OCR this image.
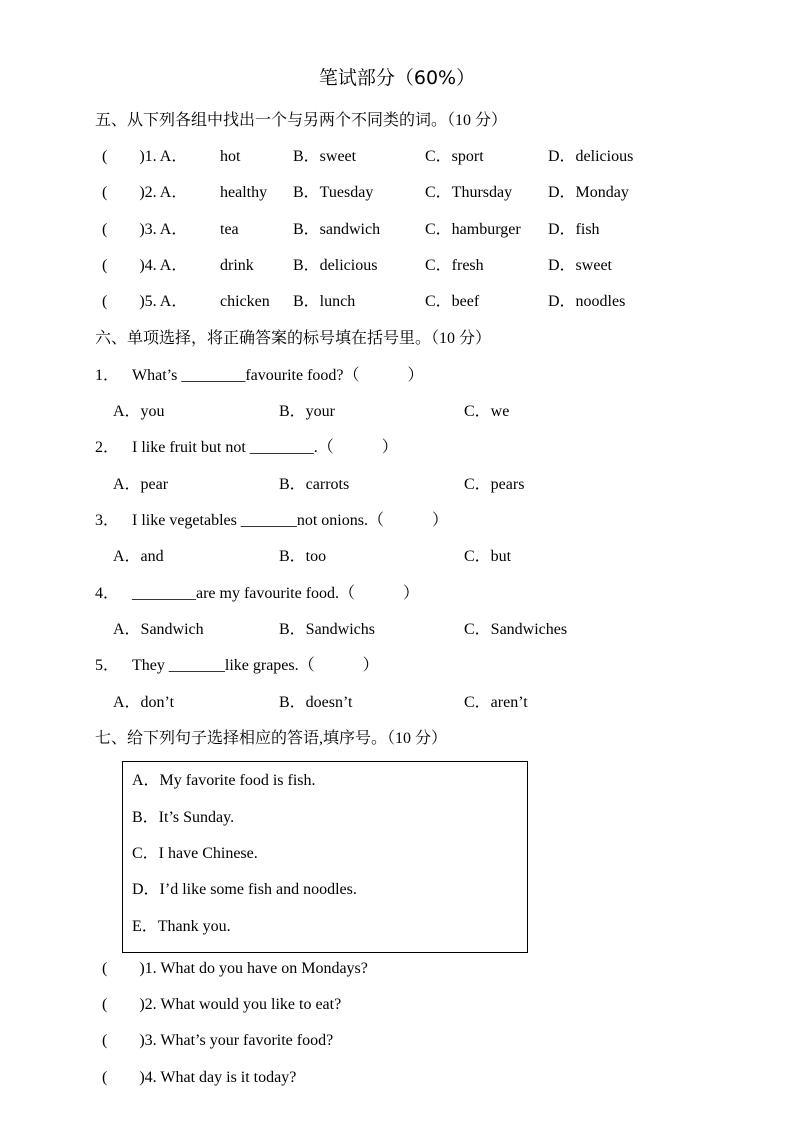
笔试部分（60%）
五、从下列各组中找出一个与另两个不同类的词。（10 分）
(　　)1. A． hot	B．sweet	C．sport	D．delicious
(　　)2. A． healthy B．Tuesday	C．Thursday D．Monday
(　　)3. A． tea	B．sandwich	C．hamburger D．fish
(　　)4. A． drink B．delicious	C．fresh	D．sweet
(　　)5. A． chicken B．lunch	C．beef	D．noodles
六、单项选择，将正确答案的标号填在括号里。（10 分）
1． What’s ________favourite food?（　　　）
A．you	B．your	C．we
2． I like fruit but not ________.（　　　）
A．pear	B．carrots	C．pears
3． I like vegetables _______not onions.（　　　）
A．and	B．too	C．but
4． ________are my favourite food.（　　　）
A．Sandwich	B．Sandwichs	C．Sandwiches
5． They _______like grapes.（　　　）
A．don’t	B．doesn’t	C．aren’t
七、给下列句子选择相应的答语,填序号。（10 分）
A．My favorite food is fish.
B．It’s Sunday.
C．I have Chinese.
D．I’d like some fish and noodles.
E．Thank you.
(　　)1. What do you have on Mondays?
(　　)2. What would you like to eat?
(　　)3. What’s your favorite food?
(　　)4. What day is it today?
